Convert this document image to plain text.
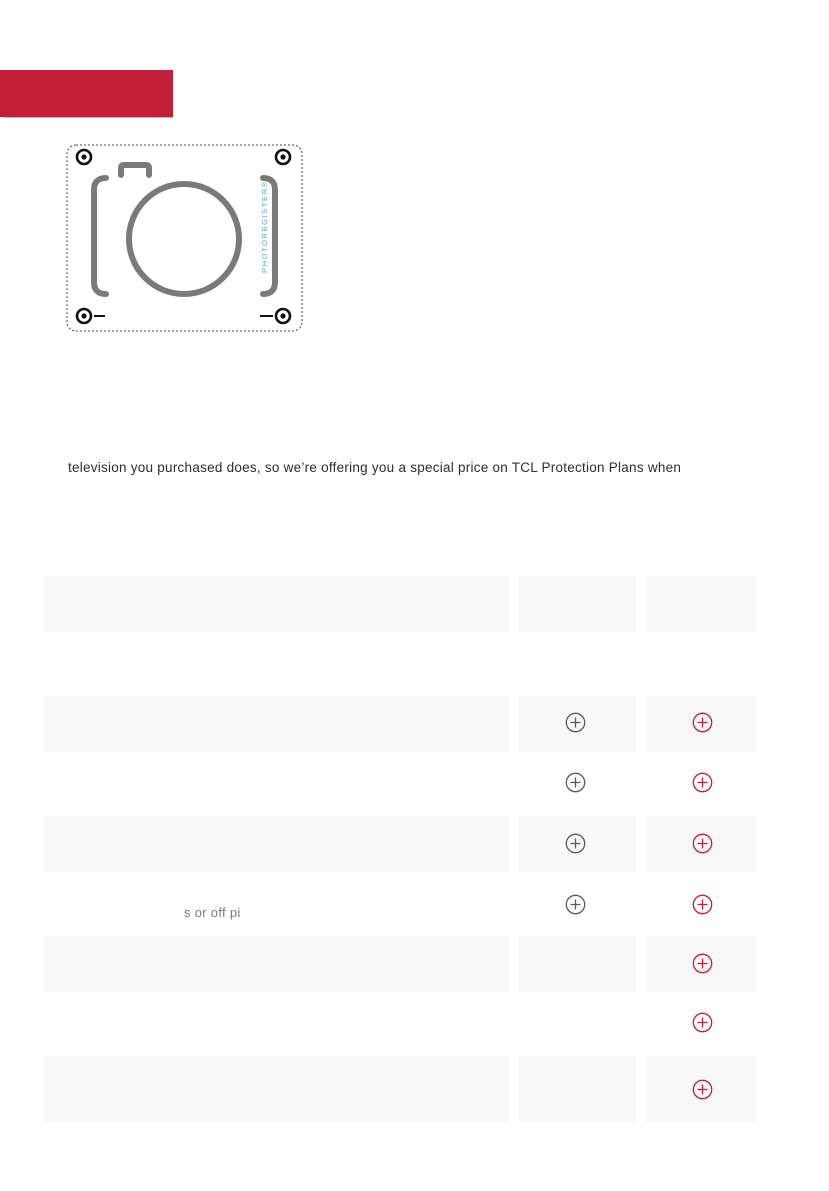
PHOTOREGISTER®
television you purchased does, so we’re offering you a special price on TCL Protection Plans when
s or off pi
